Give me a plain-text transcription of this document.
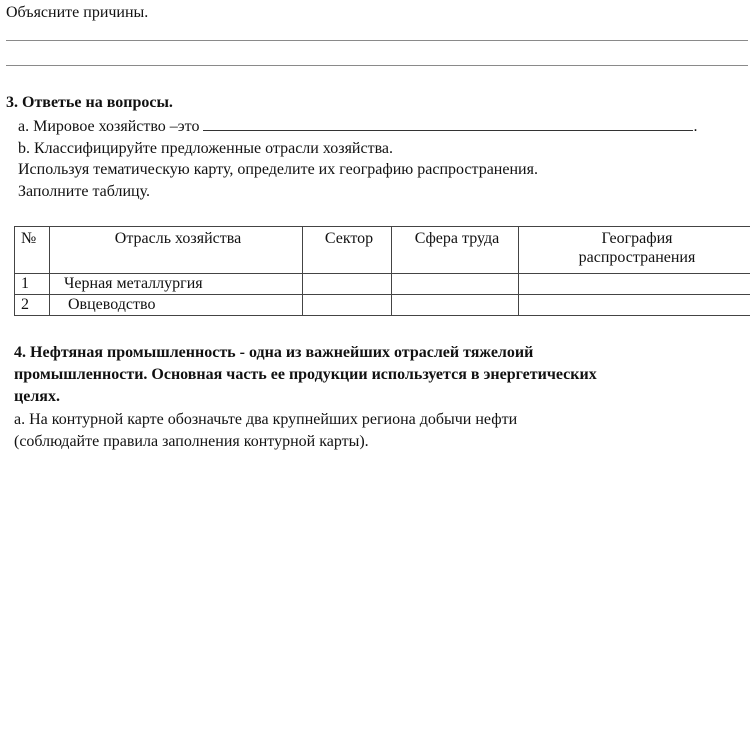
Объясните причины.
3. Ответье на вопросы.
a. Мировое хозяйство –это	.
b. Классифицируйте предложенные отрасли хозяйства.
Используя тематическую карту, определите их географию распространения.
Заполните таблицу.
№	Отрасль хозяйства	Сектор	Сфера труда	География
распространения

1	Черная металлургия			
2	Овцеводство			
4. Нефтяная промышленность - одна из важнейших отраслей тяжелоий
промышленности. Основная часть ее продукции используется в энергетических
целях.
a. На контурной карте обозначьте два крупнейших региона добычи нефти
(соблюдайте правила заполнения контурной карты).
